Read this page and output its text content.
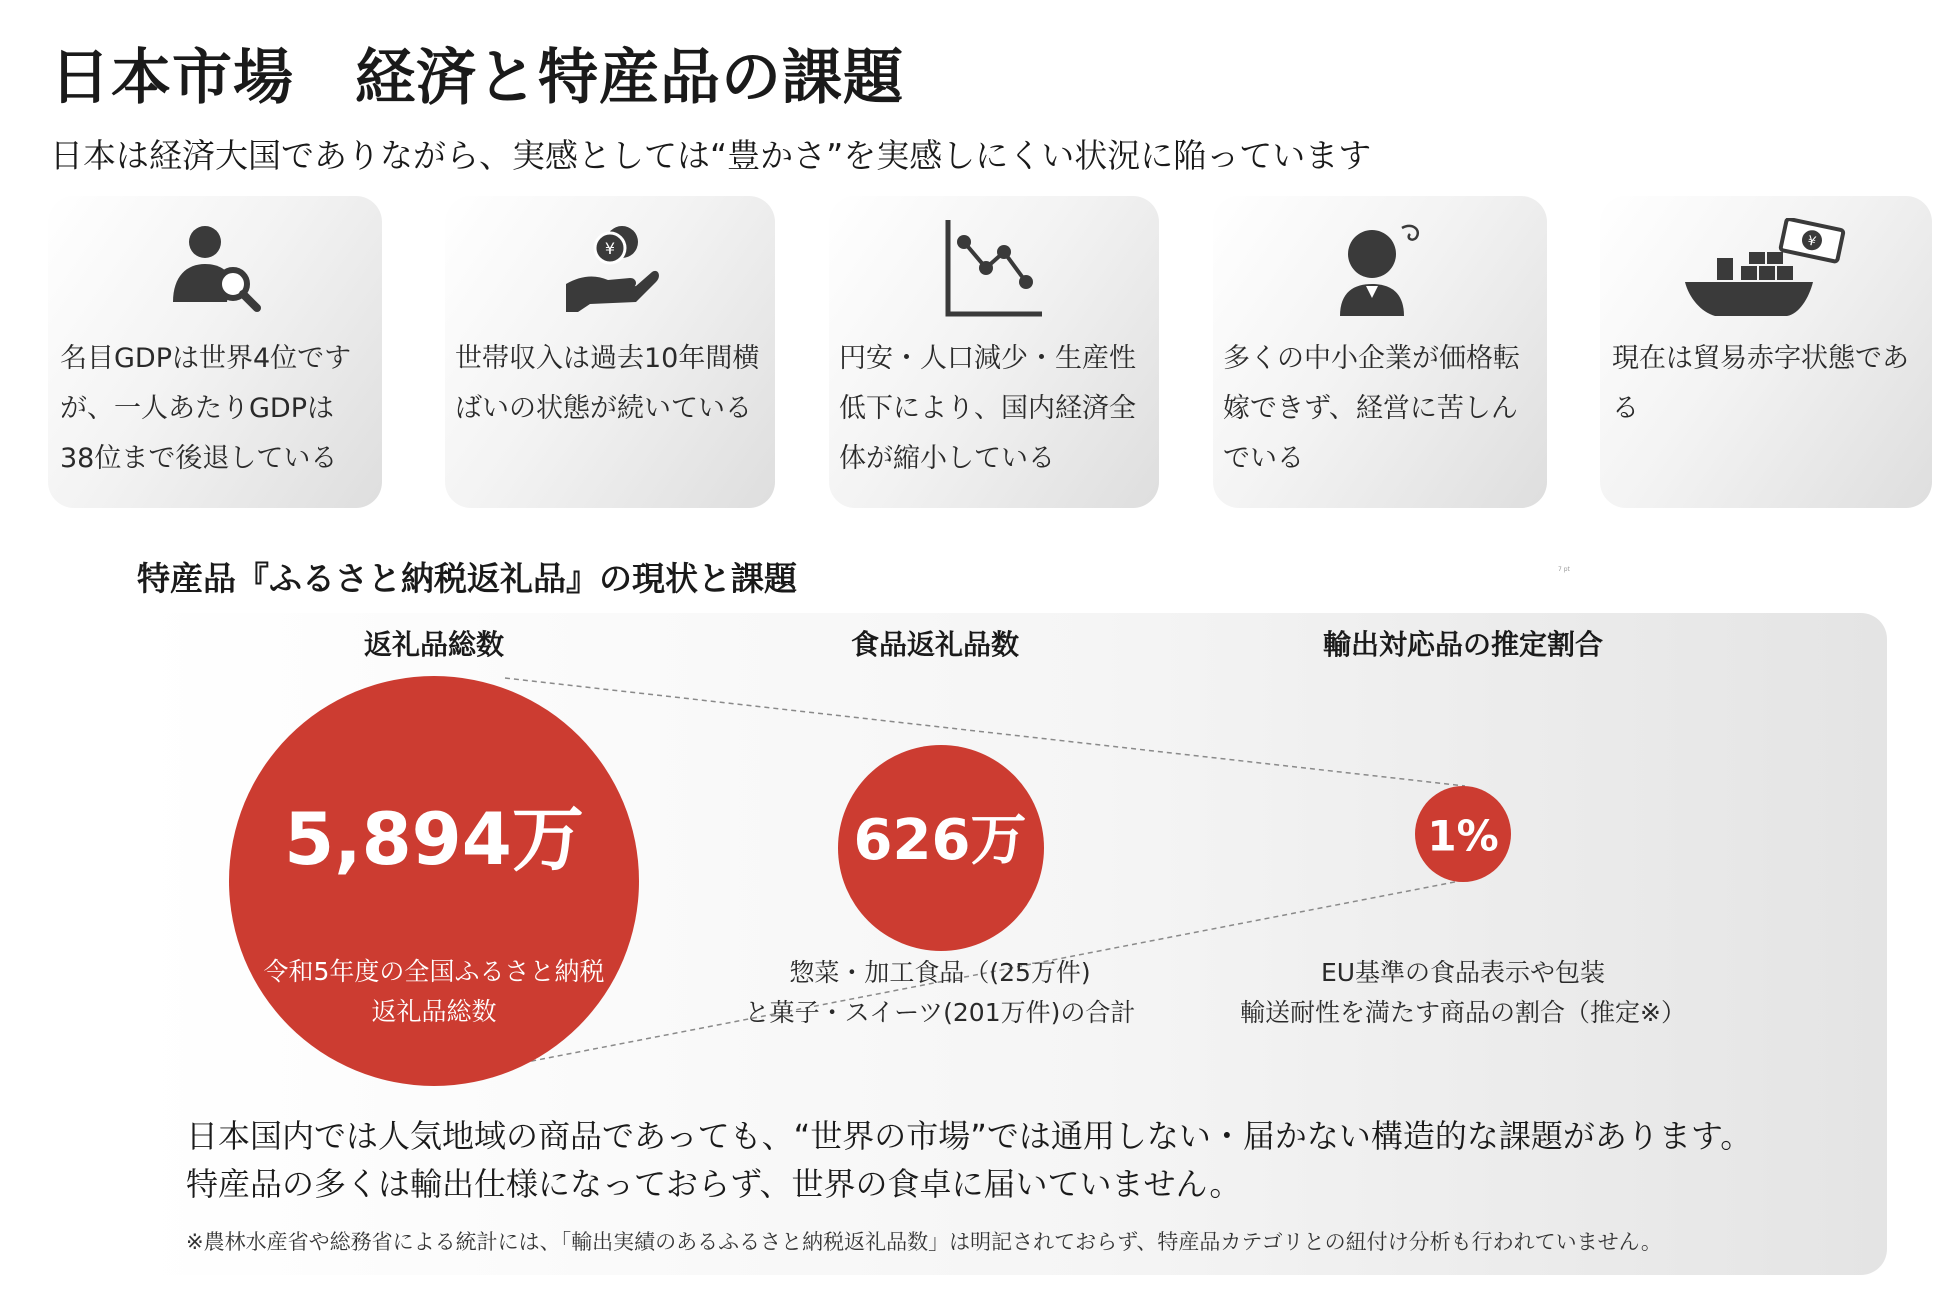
日本市場　経済と特産品の課題
日本は経済大国でありながら、実感としては“豊かさ”を実感しにくい状況に陥っています
名目GDPは世界4位ですが、一人あたりGDPは38位まで後退している
¥
世帯収入は過去10年間横ばいの状態が続いている
円安・人口減少・生産性低下により、国内経済全体が縮小している
多くの中小企業が価格転嫁できず、経営に苦しんでいる
¥
現在は貿易赤字状態である
特産品『ふるさと納税返礼品』の現状と課題	7 pt
返礼品総数	食品返礼品数	輸出対応品の推定割合
5,894万	626万	1%
令和5年度の全国ふるさと納税返礼品総数
惣菜・加工食品（(25万件)
と菓子・スイーツ(201万件)の合計
EU基準の食品表示や包装
輸送耐性を満たす商品の割合（推定※）
日本国内では人気地域の商品であっても、“世界の市場”では通用しない・届かない構造的な課題があります。
特産品の多くは輸出仕様になっておらず、世界の食卓に届いていません。
※農林水産省や総務省による統計には、「輸出実績のあるふるさと納税返礼品数」は明記されておらず、特産品カテゴリとの紐付け分析も行われていません。
